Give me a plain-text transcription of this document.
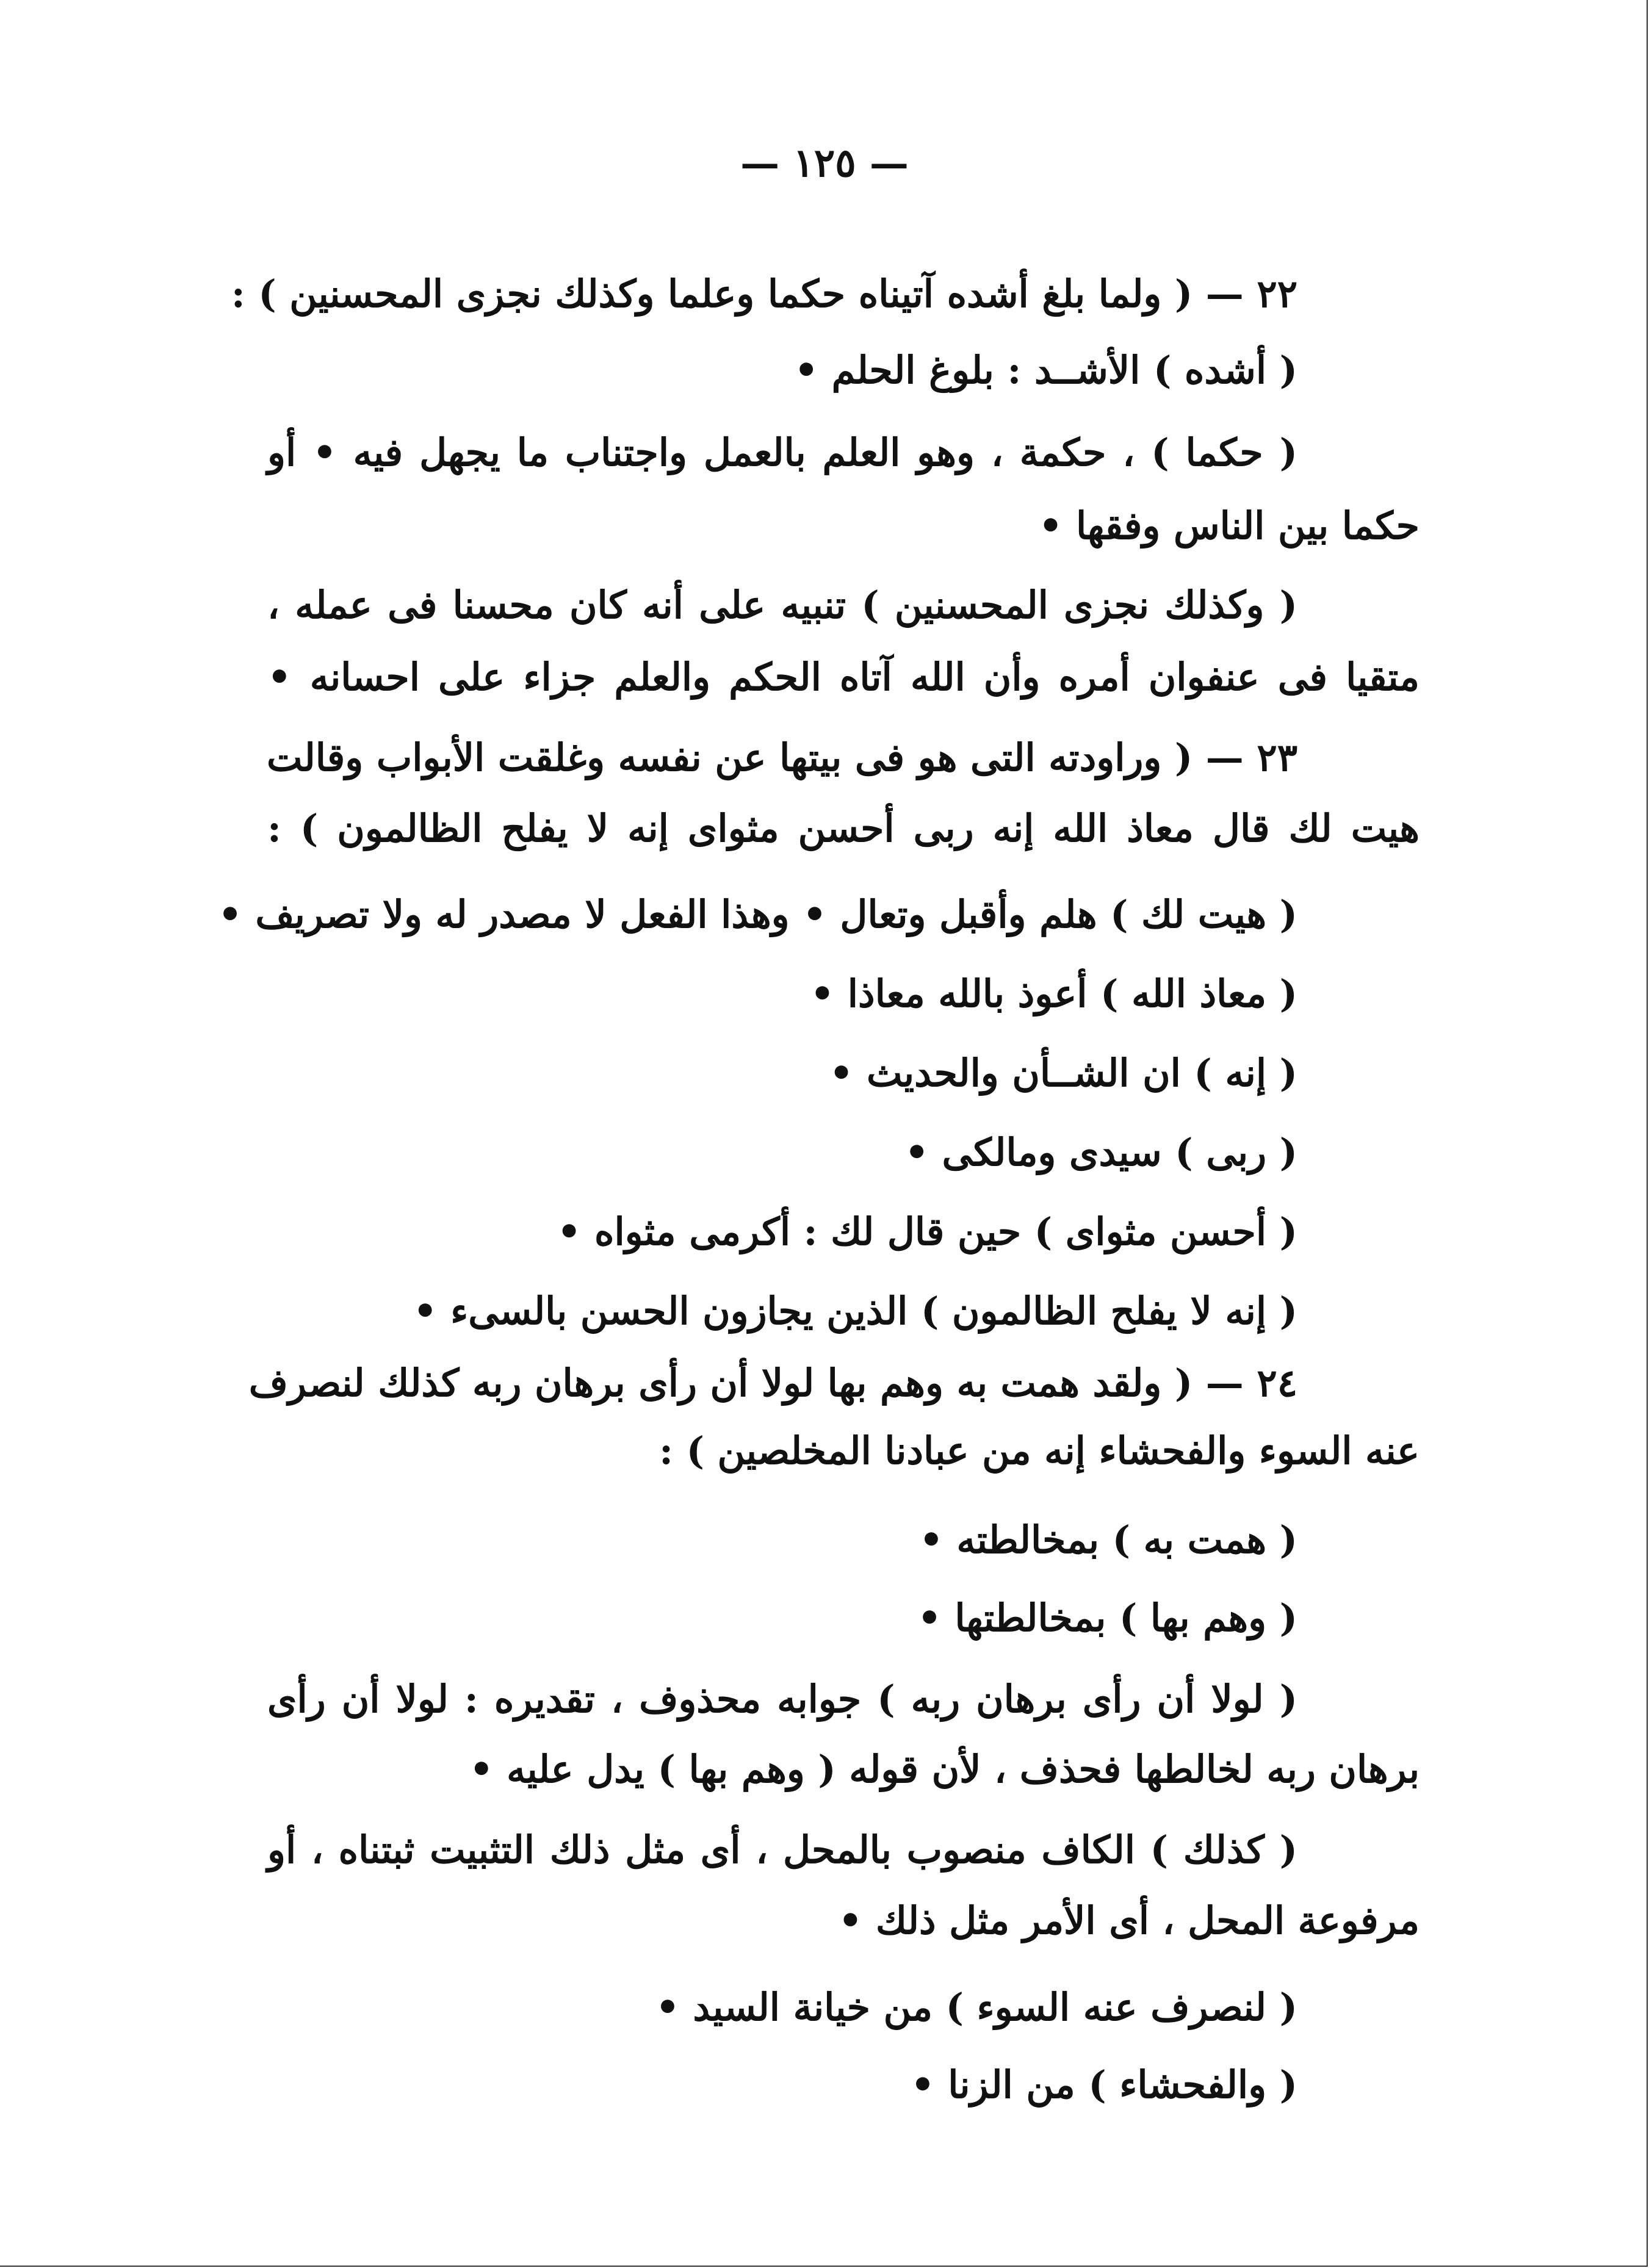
— ١٢٥ —
٢٢ — ( ولما بلغ أشده آتيناه حكما وعلما وكذلك نجزى المحسنين ) :
( أشده ) الأشــد : بلوغ الحلم •
( حكما ) ، حكمة ، وهو العلم بالعمل واجتناب ما يجهل فيه • أو
حكما بين الناس وفقها •
( وكذلك نجزى المحسنين ) تنبيه على أنه كان محسنا فى عمله ،
متقيا فى عنفوان أمره وأن الله آتاه الحكم والعلم جزاء على احسانه •
٢٣ — ( وراودته التى هو فى بيتها عن نفسه وغلقت الأبواب وقالت
هيت لك قال معاذ الله إنه ربى أحسن مثواى إنه لا يفلح الظالمون ) :
( هيت لك ) هلم وأقبل وتعال • وهذا الفعل لا مصدر له ولا تصريف •
( معاذ الله ) أعوذ بالله معاذا •
( إنه ) ان الشــأن والحديث •
( ربى ) سيدى ومالكى •
( أحسن مثواى ) حين قال لك : أكرمى مثواه •
( إنه لا يفلح الظالمون ) الذين يجازون الحسن بالسىء •
٢٤ — ( ولقد همت به وهم بها لولا أن رأى برهان ربه كذلك لنصرف
عنه السوء والفحشاء إنه من عبادنا المخلصين ) :
( همت به ) بمخالطته •
( وهم بها ) بمخالطتها •
( لولا أن رأى برهان ربه ) جوابه محذوف ، تقديره : لولا أن رأى
برهان ربه لخالطها فحذف ، لأن قوله ( وهم بها ) يدل عليه •
( كذلك ) الكاف منصوب بالمحل ، أى مثل ذلك التثبيت ثبتناه ، أو
مرفوعة المحل ، أى الأمر مثل ذلك •
( لنصرف عنه السوء ) من خيانة السيد •
( والفحشاء ) من الزنا •
